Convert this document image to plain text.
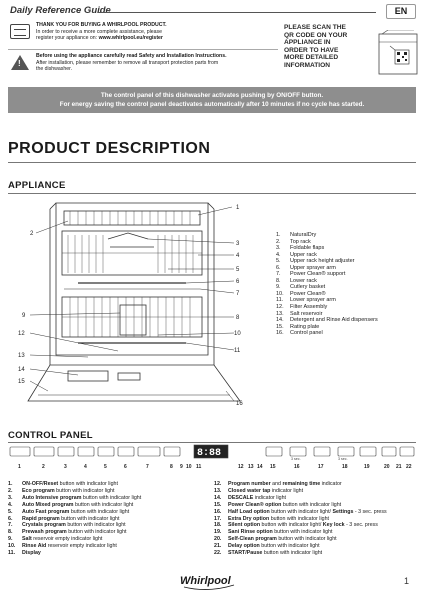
Daily Reference Guide	EN
THANK YOU FOR BUYING A WHIRLPOOL PRODUCT.
In order to receive a more complete assistance, please
register your appliance on: www.whirlpool.eu/register
!
Before using the appliance carefully read Safety and Installation Instructions.
After installation, please remember to remove all transport protection parts from
the dishwasher.
PLEASE SCAN THE
QR CODE ON YOUR
APPLIANCE IN
ORDER TO HAVE
MORE DETAILED
INFORMATION
The control panel of this dishwasher activates pushing by ON/OFF button.
For energy saving the control panel deactivates automatically after 10 minutes if no cycle has started.
PRODUCT DESCRIPTION
APPLIANCE
1
2
3
4
5
6
7
8
9
10
11
12
13
14
15
16
1.	NaturalDry
2.	Top rack
3.	Foldable flaps
4.	Upper rack
5.	Upper rack height adjuster
6.	Upper sprayer arm
7.	Power Clean® support
8.	Lower rack
9.	Cutlery basket
10.	Power Clean®
11.	Lower sprayer arm
12.	Filter Assembly
13.	Salt reservoir
14.	Detergent and Rinse Aid dispensers
15.	Rating plate
16.	Control panel
CONTROL PANEL
8:88	3 sec.	3 sec.
1	2	3	4	5	6	7	8 9 10 11	12 13 14 15	16	17	18	19	20 21 22
1.	ON-OFF/Reset button with indicator light
2.	Eco program button with indicator light
3.	Auto Intensive program button with indicator light
4.	Auto Mixed program button with indicator light
5.	Auto Fast program button with indicator light
6.	Rapid program button with indicator light
7.	Crystals program button with indicator light
8.	Prewash program button with indicator light
9.	Salt reservoir empty indicator light
10.	Rinse Aid reservoir empty indicator light
11.	Display
12.	Program number and remaining time indicator
13.	Closed water tap indicator light
14.	DESCALE indicator light
15.	Power Clean® option button with indicator light
16.	Half Load option button with indicator light/ Settings - 3 sec. press
17.	Extra Dry option button with indicator light
18.	Silent option button with indicator light/ Key lock - 3 sec. press
19.	Sani Rinse option button with indicator light
20.	Self-Clean program button with indicator light
21.	Delay option button with indicator light
22.	START/Pause button with indicator light
Whirlpool	1
